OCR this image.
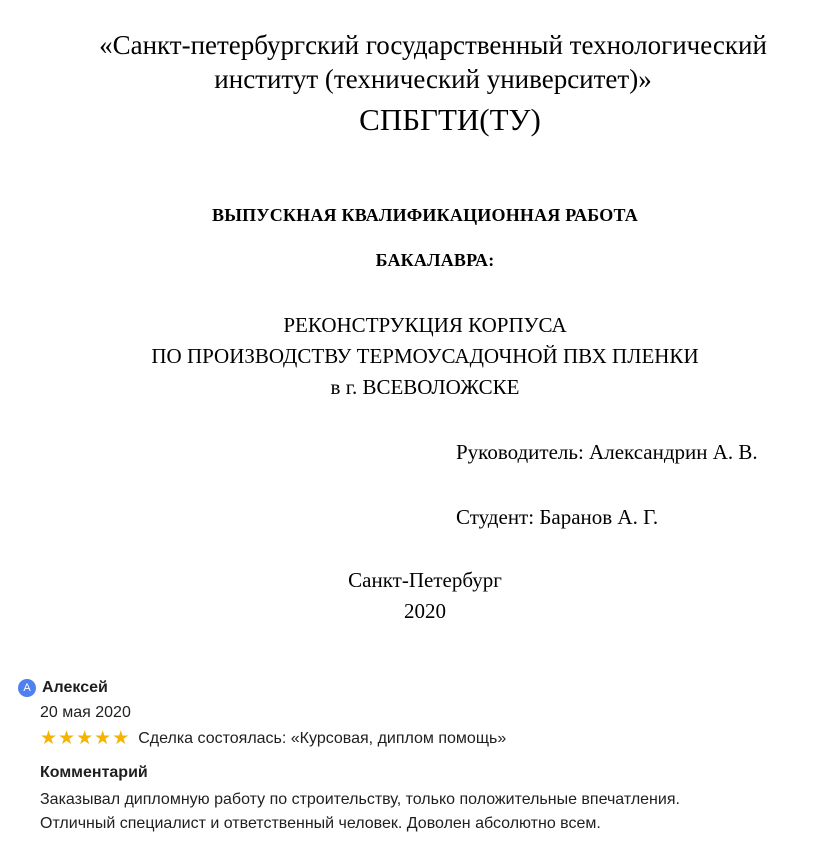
«Санкт-петербургский государственный технологический
институт (технический университет)»
СПБГТИ(ТУ)
ВЫПУСКНАЯ КВАЛИФИКАЦИОННАЯ РАБОТА
БАКАЛАВРА:
РЕКОНСТРУКЦИЯ КОРПУСА
ПО ПРОИЗВОДСТВУ ТЕРМОУСАДОЧНОЙ ПВХ ПЛЕНКИ
в г. ВСЕВОЛОЖСКЕ
Руководитель: Александрин А. В.
Студент: Баранов А. Г.
Санкт-Петербург
2020
А Алексей
20 мая 2020
★ ★ ★ ★ ★ Сделка состоялась: «Курсовая, диплом помощь»
Комментарий
Заказывал дипломную работу по строительству, только положительные впечатления.
Отличный специалист и ответственный человек. Доволен абсолютно всем.
